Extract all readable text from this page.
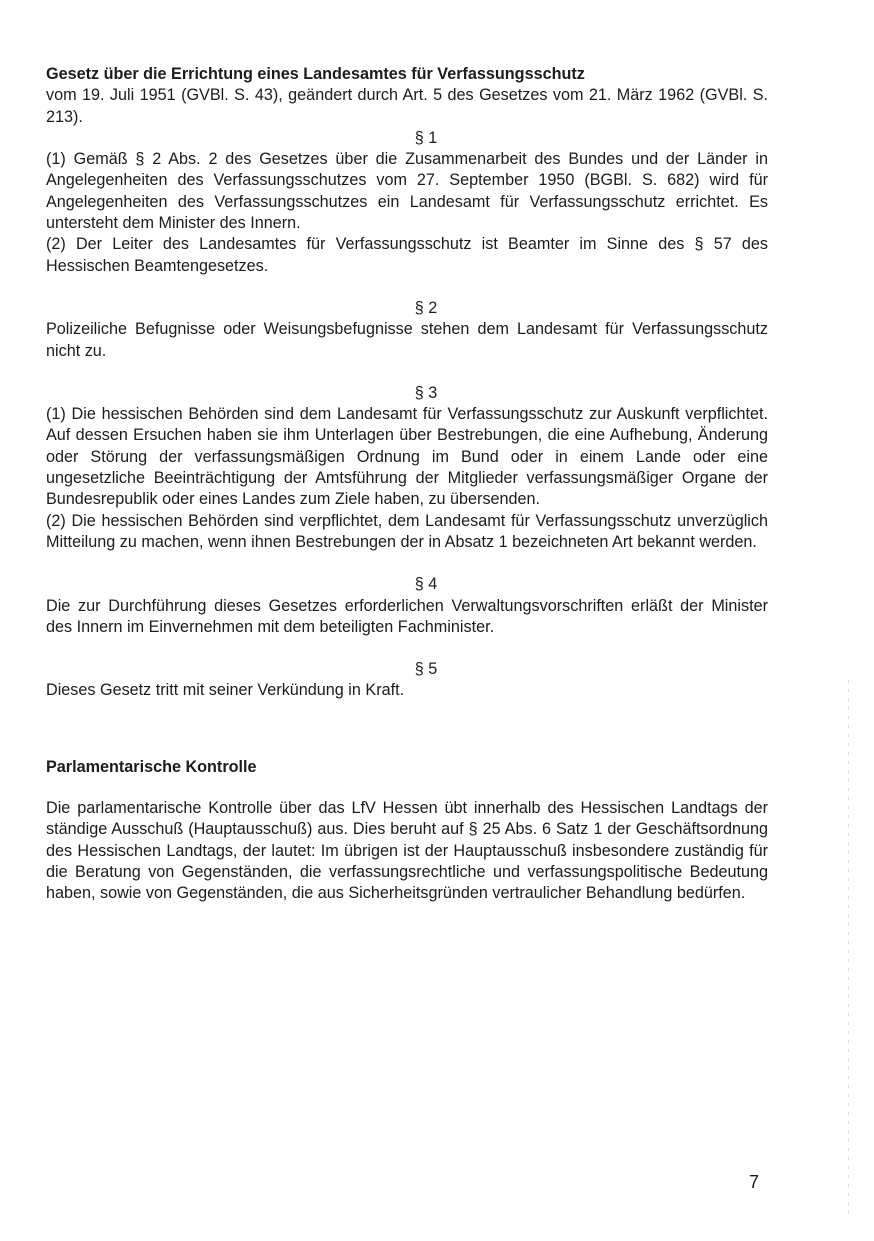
Gesetz über die Errichtung eines Landesamtes für Verfassungsschutz

vom 19. Juli 1951 (GVBl. S. 43), geändert durch Art. 5 des Gesetzes vom 21. März 1962 (GVBl. S. 213).

§ 1

(1) Gemäß § 2 Abs. 2 des Gesetzes über die Zusammenarbeit des Bundes und der Länder in Angelegenheiten des Verfassungsschutzes vom 27. September 1950 (BGBl. S. 682) wird für Angelegenheiten des Verfassungsschutzes ein Landesamt für Verfassungsschutz errichtet. Es untersteht dem Minister des Innern.

(2) Der Leiter des Landesamtes für Verfassungsschutz ist Beamter im Sinne des § 57 des Hessischen Beamtengesetzes.

§ 2

Polizeiliche Befugnisse oder Weisungsbefugnisse stehen dem Landesamt für Verfassungsschutz nicht zu.

§ 3

(1) Die hessischen Behörden sind dem Landesamt für Verfassungsschutz zur Auskunft verpflichtet. Auf dessen Ersuchen haben sie ihm Unterlagen über Bestrebungen, die eine Aufhebung, Änderung oder Störung der verfassungsmäßigen Ordnung im Bund oder in einem Lande oder eine ungesetzliche Beeinträchtigung der Amtsführung der Mitglieder verfassungsmäßiger Organe der Bundesrepublik oder eines Landes zum Ziele haben, zu übersenden.

(2) Die hessischen Behörden sind verpflichtet, dem Landesamt für Verfassungsschutz unverzüglich Mitteilung zu machen, wenn ihnen Bestrebungen der in Absatz 1 bezeichneten Art bekannt werden.

§ 4

Die zur Durchführung dieses Gesetzes erforderlichen Verwaltungsvorschriften erläßt der Minister des Innern im Einvernehmen mit dem beteiligten Fachminister.

§ 5

Dieses Gesetz tritt mit seiner Verkündung in Kraft.

Parlamentarische Kontrolle

Die parlamentarische Kontrolle über das LfV Hessen übt innerhalb des Hessischen Landtags der ständige Ausschuß (Hauptausschuß) aus. Dies beruht auf § 25 Abs. 6 Satz 1 der Geschäftsordnung des Hessischen Landtags, der lautet: Im übrigen ist der Hauptausschuß insbesondere zuständig für die Beratung von Gegenständen, die verfassungsrechtliche und verfassungspolitische Bedeutung haben, sowie von Gegenständen, die aus Sicherheitsgründen vertraulicher Behandlung bedürfen.

7
